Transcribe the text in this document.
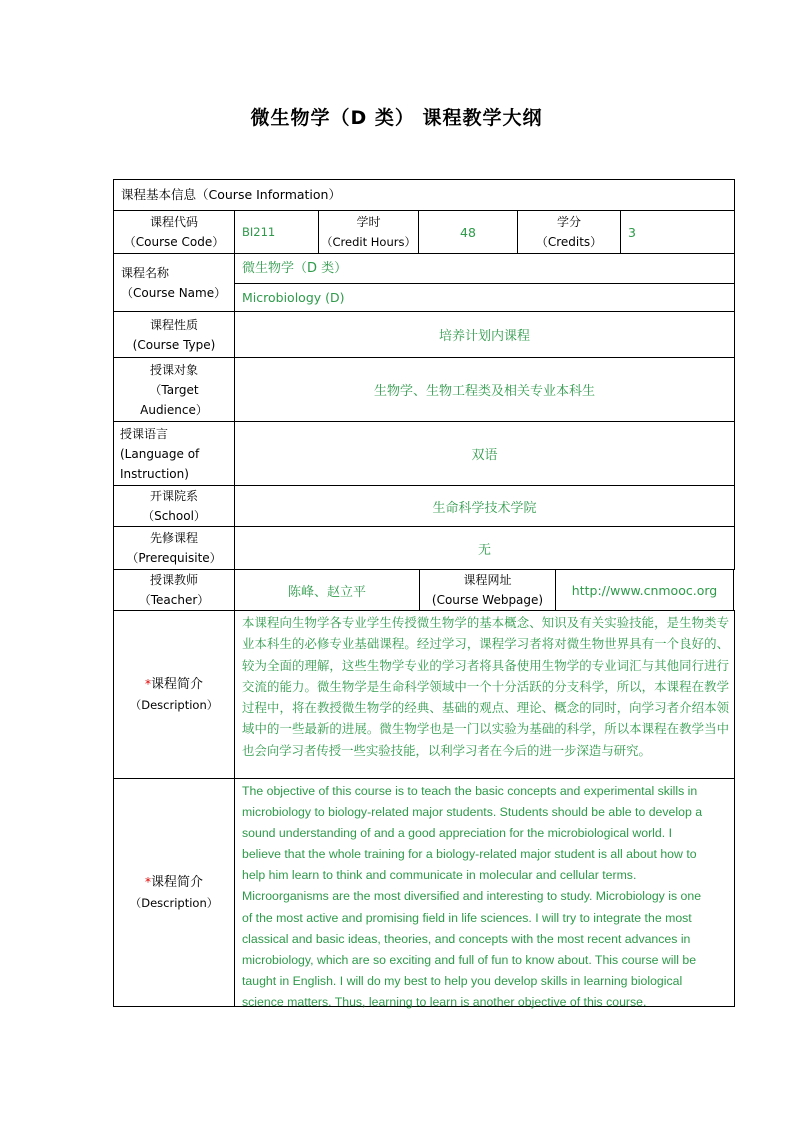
微生物学（D 类） 课程教学大纲
课程基本信息（Course Information）
课程代码
（Course Code）
BI211
学时
（Credit Hours）
48
学分
（Credits）
3
课程名称
（Course Name）
微生物学（D 类）
Microbiology (D)
课程性质
(Course Type)
培养计划内课程
授课对象
（Target
Audience）
生物学、生物工程类及相关专业本科生
授课语言
(Language of
Instruction)
双语
开课院系
（School）
生命科学技术学院
先修课程
（Prerequisite）
无
授课教师
（Teacher）
陈峰、赵立平
课程网址
(Course Webpage)
http://www.cnmooc.org
*课程简介
（Description）
本课程向生物学各专业学生传授微生物学的基本概念、知识及有关实验技能，是生物类专业本科生的必修专业基础课程。经过学习，课程学习者将对微生物世界具有一个良好的、较为全面的理解，这些生物学专业的学习者将具备使用生物学的专业词汇与其他同行进行交流的能力。微生物学是生命科学领域中一个十分活跃的分支科学，所以，本课程在教学过程中，将在教授微生物学的经典、基础的观点、理论、概念的同时，向学习者介绍本领域中的一些最新的进展。微生物学也是一门以实验为基础的科学，所以本课程在教学当中也会向学习者传授一些实验技能，以利学习者在今后的进一步深造与研究。
*课程简介
（Description）
The objective of this course is to teach the basic concepts and experimental skills in
microbiology to biology-related major students. Students should be able to develop a
sound understanding of and a good appreciation for the microbiological world. I
believe that the whole training for a biology-related major student is all about how to
help him learn to think and communicate in molecular and cellular terms.
Microorganisms are the most diversified and interesting to study. Microbiology is one
of the most active and promising field in life sciences. I will try to integrate the most
classical and basic ideas, theories, and concepts with the most recent advances in
microbiology, which are so exciting and full of fun to know about. This course will be
taught in English. I will do my best to help you develop skills in learning biological
science matters. Thus, learning to learn is another objective of this course.
